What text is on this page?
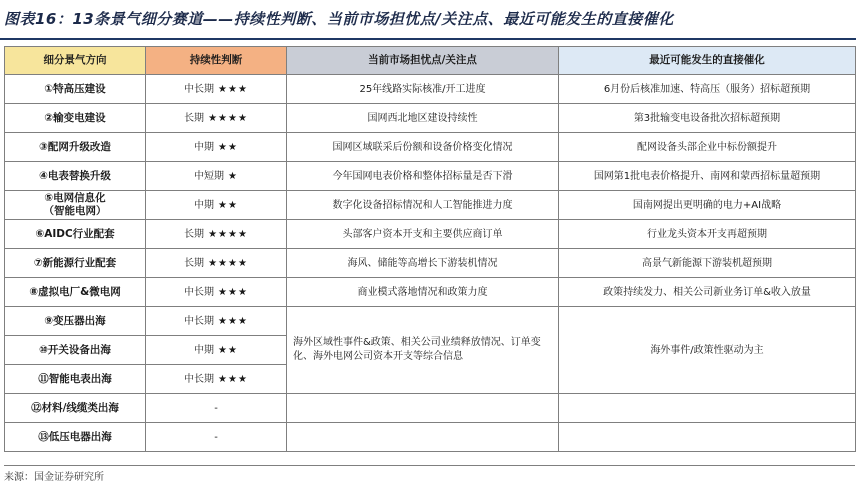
图表16：13条景气细分赛道——持续性判断、当前市场担忧点/关注点、最近可能发生的直接催化
细分景气方向	持续性判断	当前市场担忧点/关注点	最近可能发生的直接催化
①特高压建设	中长期 ★★★	25年线路实际核准/开工进度	6月份后核准加速、特高压（服务）招标超预期
②输变电建设	长期 ★★★★	国网西北地区建设持续性	第3批输变电设备批次招标超预期
③配网升级改造	中期 ★★	国网区域联采后份额和设备价格变化情况	配网设备头部企业中标份额提升
④电表替换升级	中短期 ★	今年国网电表价格和整体招标量是否下滑	国网第1批电表价格提升、南网和蒙西招标量超预期

⑤电网信息化
（智能电网）	中期 ★★	数字化设备招标情况和人工智能推进力度	国南网提出更明确的电力+AI战略
⑥AIDC行业配套	长期 ★★★★	头部客户资本开支和主要供应商订单	行业龙头资本开支再超预期
⑦新能源行业配套	长期 ★★★★	海风、储能等高增长下游装机情况	高景气新能源下游装机超预期
⑧虚拟电厂&微电网	中长期 ★★★	商业模式落地情况和政策力度	政策持续发力、相关公司新业务订单&收入放量
⑨变压器出海	中长期 ★★★	海外区域性事件&政策、相关公司业绩释放情况、订单变化、海外电网公司资本开支等综合信息	海外事件/政策性驱动为主
⑩开关设备出海	中期 ★★		
⑪智能电表出海	中长期 ★★★		
⑫材料/线缆类出海	-		
⑬低压电器出海	-		
来源：国金证券研究所
